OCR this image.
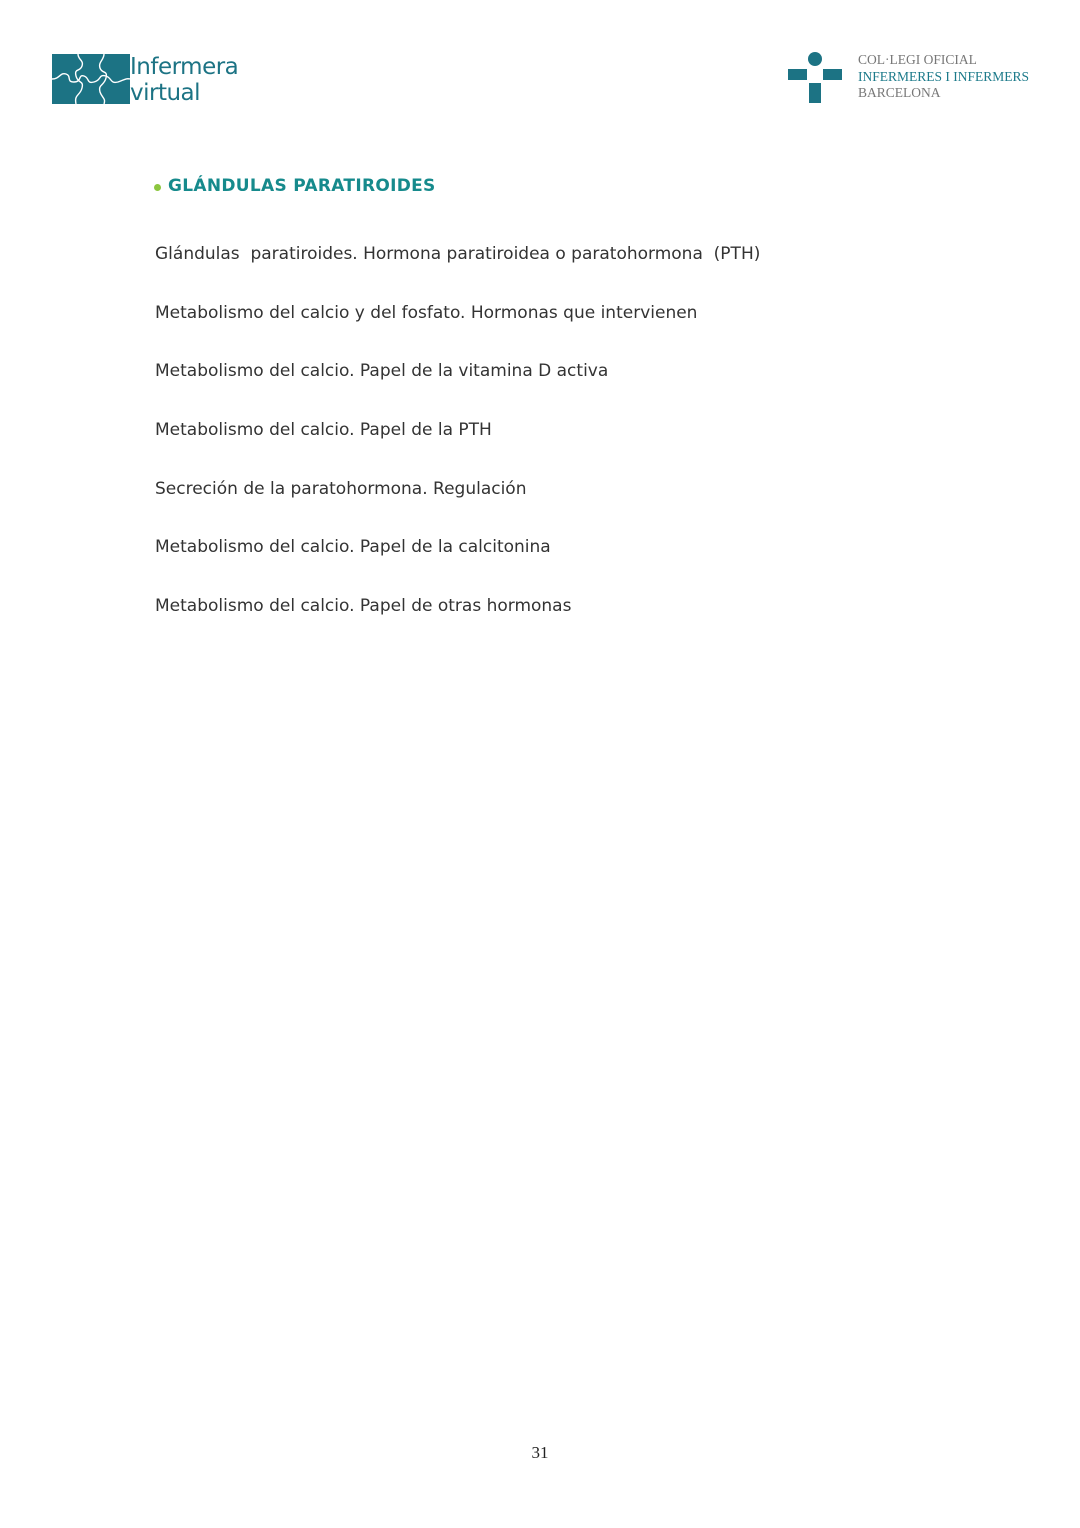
Infermera
virtual
COL·LEGI OFICIAL
INFERMERES I INFERMERS
BARCELONA
GLÁNDULAS PARATIROIDES
Glándulas  paratiroides. Hormona paratiroidea o paratohormona  (PTH)
Metabolismo del calcio y del fosfato. Hormonas que intervienen
Metabolismo del calcio. Papel de la vitamina D activa
Metabolismo del calcio. Papel de la PTH
Secreción de la paratohormona. Regulación
Metabolismo del calcio. Papel de la calcitonina
Metabolismo del calcio. Papel de otras hormonas
31
